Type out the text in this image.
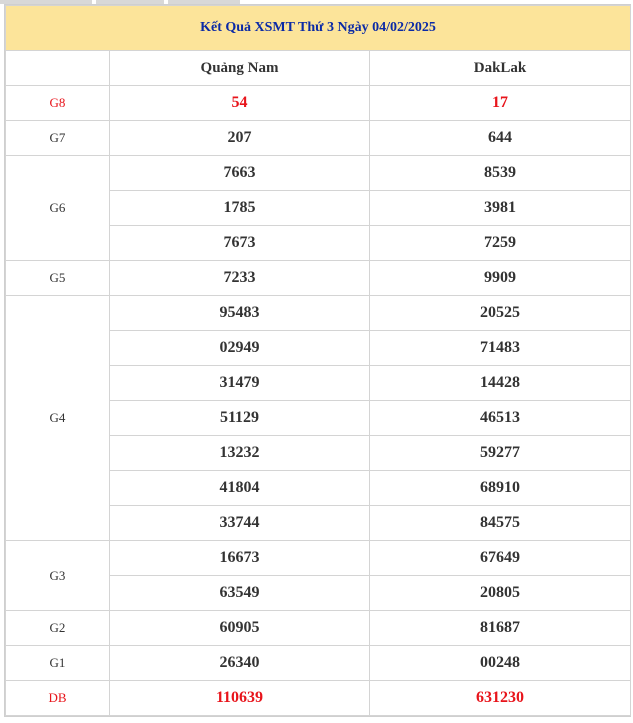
Kết Quả XSMT Thứ 3 Ngày 04/02/2025		
	Quảng Nam	DakLak
G8	54	17
G7	207	644
G6	7663	8539
	1785	3981
	7673	7259
G5	7233	9909
G4	95483	20525
	02949	71483
	31479	14428
	51129	46513
	13232	59277
	41804	68910
	33744	84575
G3	16673	67649
	63549	20805
G2	60905	81687
G1	26340	00248
DB	110639	631230
